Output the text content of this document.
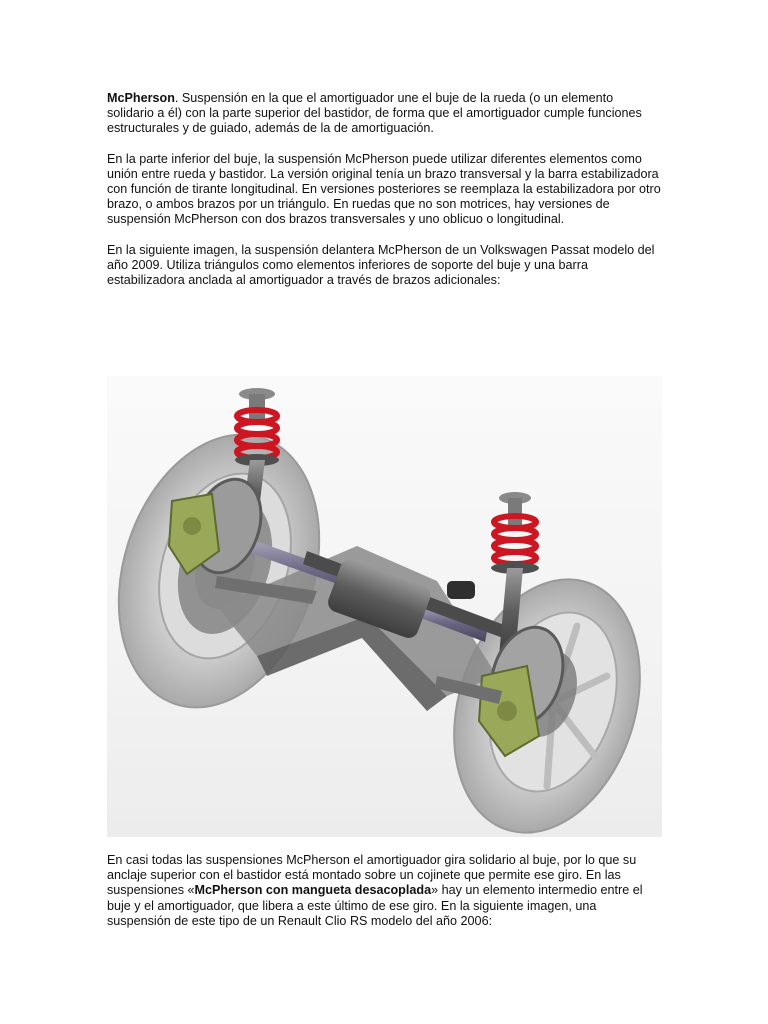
McPherson. Suspensión en la que el amortiguador une el buje de la rueda (o un elemento solidario a él) con la parte superior del bastidor, de forma que el amortiguador cumple funciones estructurales y de guiado, además de la de amortiguación.

En la parte inferior del buje, la suspensión McPherson puede utilizar diferentes elementos como unión entre rueda y bastidor. La versión original tenía un brazo transversal y la barra estabilizadora con función de tirante longitudinal. En versiones posteriores se reemplaza la estabilizadora por otro brazo, o ambos brazos por un triángulo. En ruedas que no son motrices, hay versiones de suspensión McPherson con dos brazos transversales y uno oblicuo o longitudinal.

En la siguiente imagen, la suspensión delantera McPherson de un Volkswagen Passat modelo del año 2009. Utiliza triángulos como elementos inferiores de soporte del buje y una barra estabilizadora anclada al amortiguador a través de brazos adicionales:

En casi todas las suspensiones McPherson el amortiguador gira solidario al buje, por lo que su anclaje superior con el bastidor está montado sobre un cojinete que permite ese giro. En las suspensiones «McPherson con mangueta desacoplada» hay un elemento intermedio entre el buje y el amortiguador, que libera a este último de ese giro. En la siguiente imagen, una suspensión de este tipo de un Renault Clio RS modelo del año 2006:
